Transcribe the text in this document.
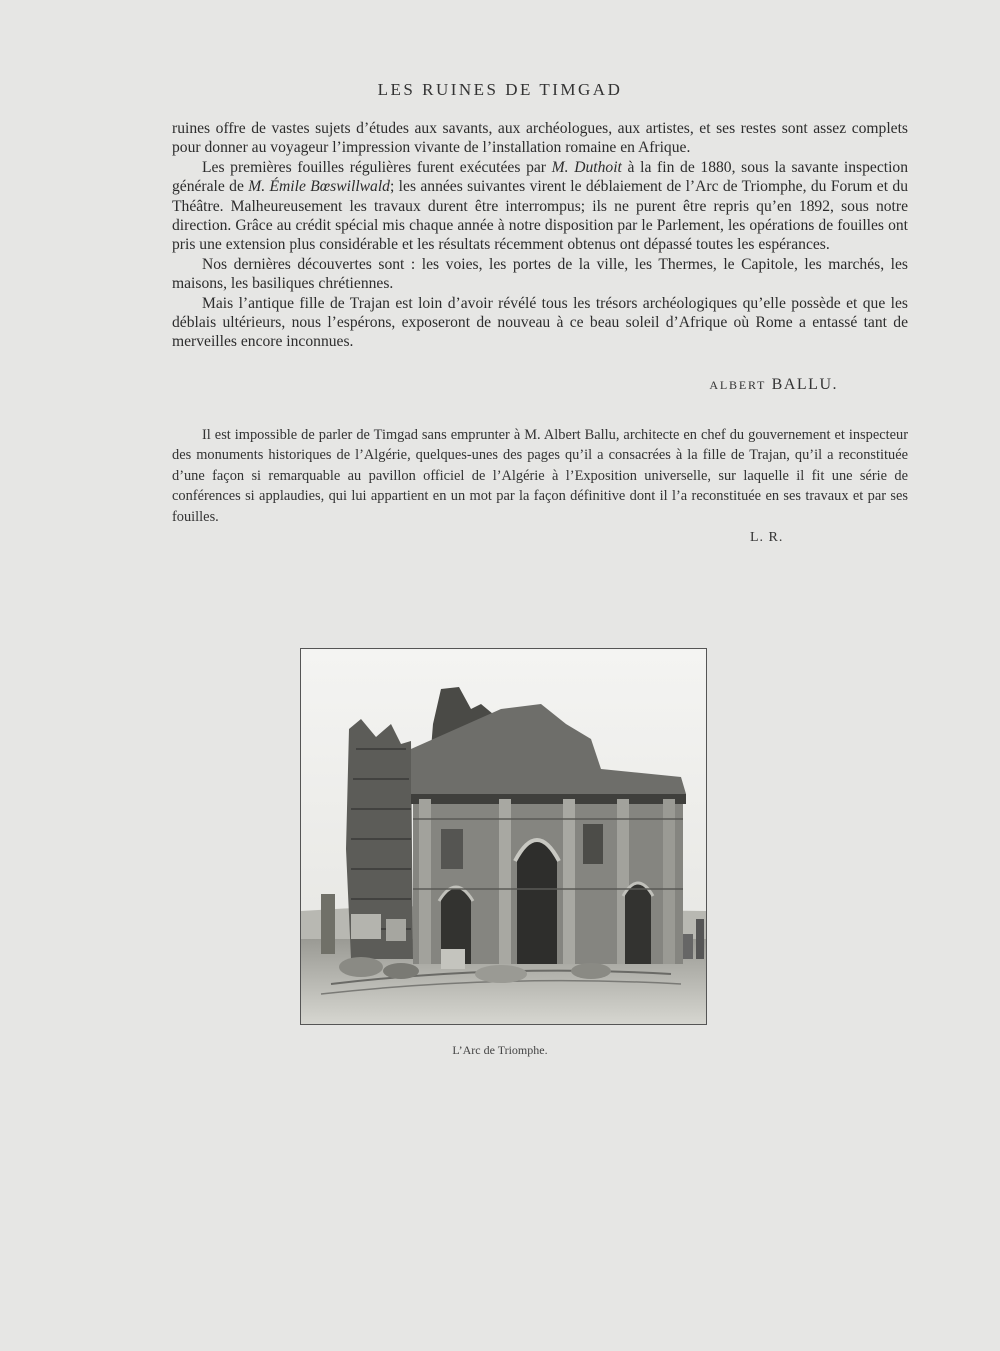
LES RUINES DE TIMGAD

ruines offre de vastes sujets d’études aux savants, aux archéologues, aux artistes, et ses restes sont assez complets pour donner au voyageur l’impression vivante de l’installation romaine en Afrique.

Les premières fouilles régulières furent exécutées par M. Duthoit à la fin de 1880, sous la savante inspection générale de M. Émile Bœswillwald; les années suivantes virent le déblaiement de l’Arc de Triomphe, du Forum et du Théâtre. Malheureusement les travaux durent être interrompus; ils ne purent être repris qu’en 1892, sous notre direction. Grâce au crédit spécial mis chaque année à notre disposition par le Parlement, les opérations de fouilles ont pris une extension plus considérable et les résultats récemment obtenus ont dépassé toutes les espérances.

Nos dernières découvertes sont : les voies, les portes de la ville, les Thermes, le Capitole, les marchés, les maisons, les basiliques chrétiennes.

Mais l’antique fille de Trajan est loin d’avoir révélé tous les trésors archéologiques qu’elle possède et que les déblais ultérieurs, nous l’espérons, exposeront de nouveau à ce beau soleil d’Afrique où Rome a entassé tant de merveilles encore inconnues.

ALBERT BALLU.

Il est impossible de parler de Timgad sans emprunter à M. Albert Ballu, architecte en chef du gouvernement et inspecteur des monuments historiques de l’Algérie, quelques-unes des pages qu’il a consacrées à la fille de Trajan, qu’il a reconstituée d’une façon si remarquable au pavillon officiel de l’Algérie à l’Exposition universelle, sur laquelle il fit une série de conférences si applaudies, qui lui appartient en un mot par la façon définitive dont il l’a reconstituée en ses travaux et par ses fouilles.

L. R.
L’Arc de Triomphe.
